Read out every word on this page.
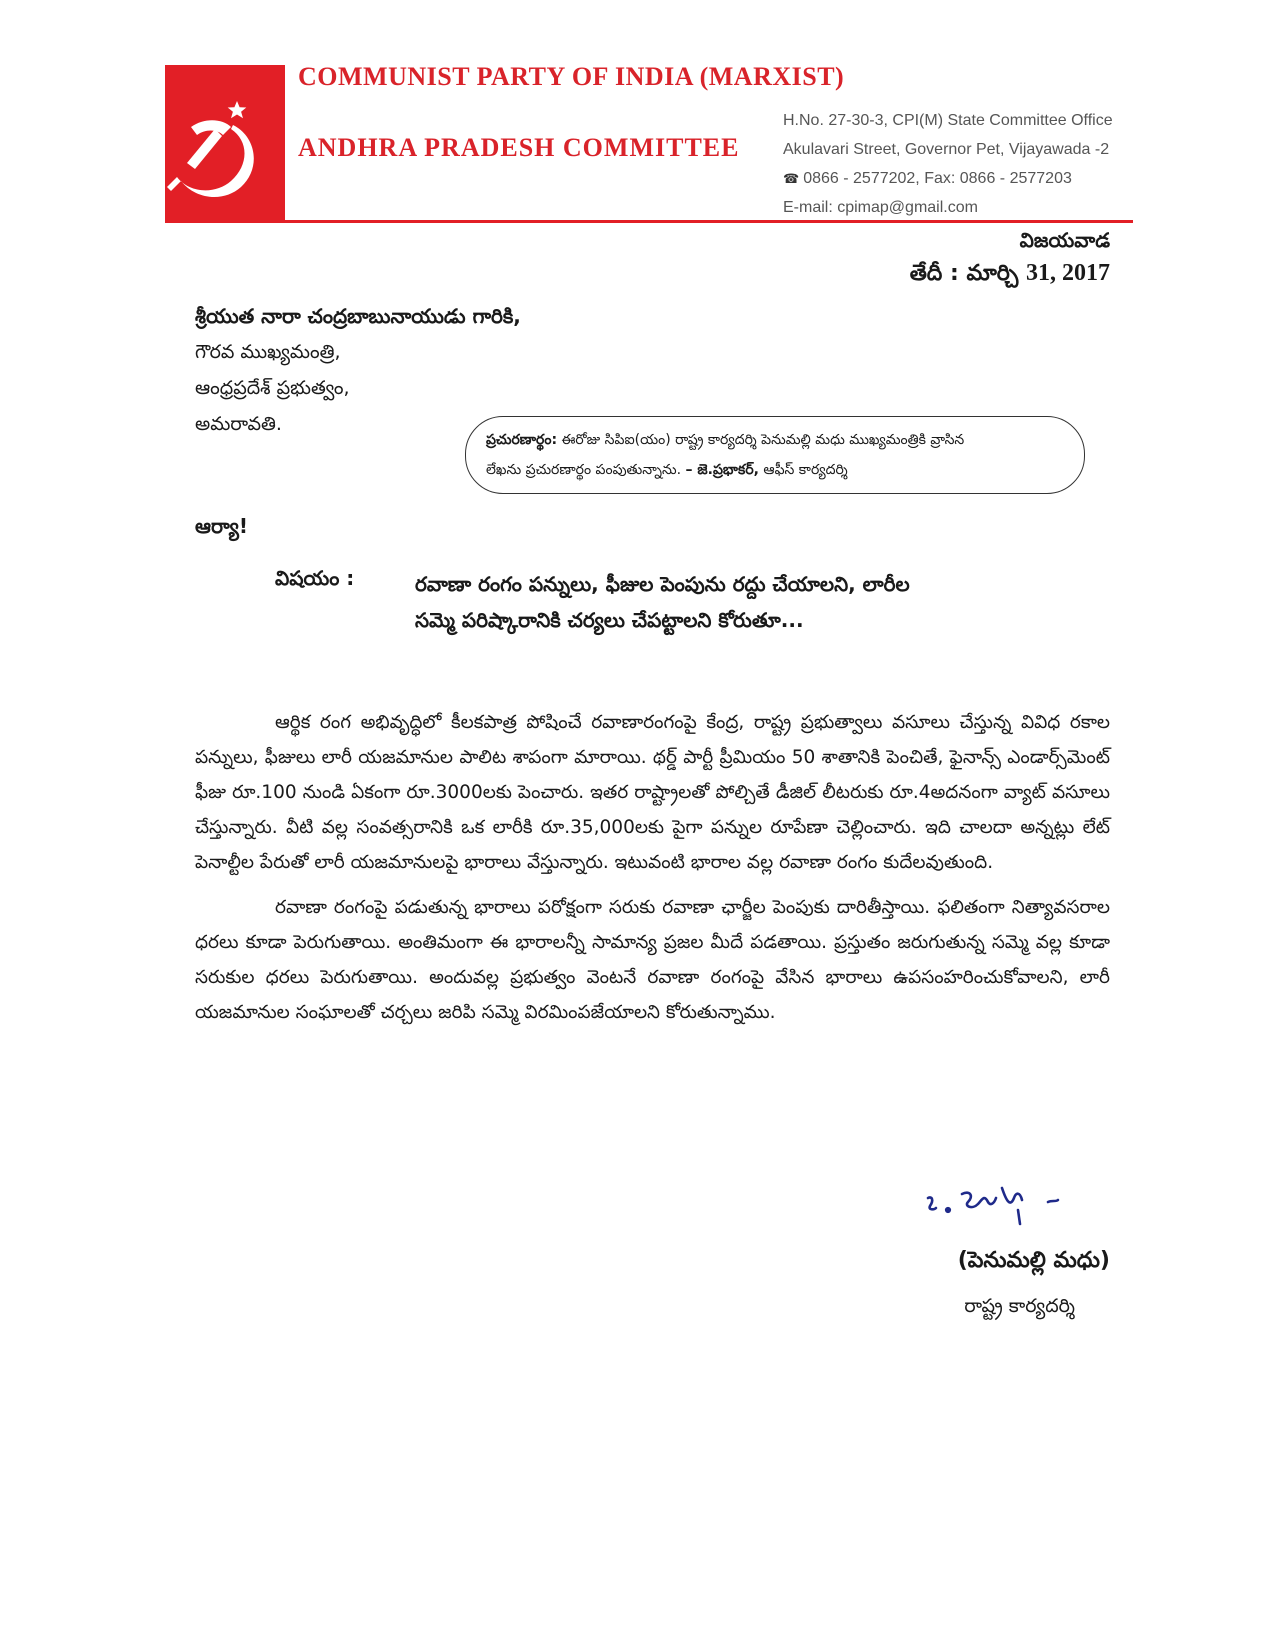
COMMUNIST PARTY OF INDIA (MARXIST)
ANDHRA PRADESH COMMITTEE
H.No. 27-30-3, CPI(M) State Committee Office
Akulavari Street, Governor Pet, Vijayawada -2
☎ 0866 - 2577202, Fax: 0866 - 2577203
E-mail: cpimap@gmail.com
విజయవాడ
తేదీ : మార్చి 31, 2017
శ్రీయుత నారా చంద్రబాబునాయుడు గారికి,
గౌరవ ముఖ్యమంత్రి,
ఆంధ్రప్రదేశ్ ప్రభుత్వం,
అమరావతి.
ప్రచురణార్థం: ఈరోజు సిపిఐ(యం) రాష్ట్ర కార్యదర్శి పెనుమల్లి మధు ముఖ్యమంత్రికి వ్రాసిన
లేఖను ప్రచురణార్థం పంపుతున్నాను. – జె.ప్రభాకర్, ఆఫీస్ కార్యదర్శి
ఆర్యా!
విషయం :	రవాణా రంగం పన్నులు, ఫీజుల పెంపును రద్దు చేయాలని, లారీల
సమ్మె పరిష్కారానికి చర్యలు చేపట్టాలని కోరుతూ...

ఆర్థిక రంగ అభివృద్ధిలో కీలకపాత్ర పోషించే రవాణారంగంపై కేంద్ర, రాష్ట్ర ప్రభుత్వాలు వసూలు చేస్తున్న వివిధ రకాల పన్నులు, ఫీజులు లారీ యజమానుల పాలిట శాపంగా మారాయి. థర్డ్ పార్టీ ప్రీమియం 50 శాతానికి పెంచితే, ఫైనాన్స్ ఎండార్స్‌మెంట్ ఫీజు రూ.100 నుండి ఏకంగా రూ.3000లకు పెంచారు. ఇతర రాష్ట్రాలతో పోల్చితే డీజిల్ లీటరుకు రూ.4అదనంగా వ్యాట్ వసూలు చేస్తున్నారు. వీటి వల్ల సంవత్సరానికి ఒక లారీకి రూ.35,000లకు పైగా పన్నుల రూపేణా చెల్లించారు. ఇది చాలదా అన్నట్లు లేట్ పెనాల్టీల పేరుతో లారీ యజమానులపై భారాలు వేస్తున్నారు. ఇటువంటి భారాల వల్ల రవాణా రంగం కుదేలవుతుంది.

రవాణా రంగంపై పడుతున్న భారాలు పరోక్షంగా సరుకు రవాణా ఛార్జీల పెంపుకు దారితీస్తాయి. ఫలితంగా నిత్యావసరాల ధరలు కూడా పెరుగుతాయి. అంతిమంగా ఈ భారాలన్నీ సామాన్య ప్రజల మీదే పడతాయి. ప్రస్తుతం జరుగుతున్న సమ్మె వల్ల కూడా సరుకుల ధరలు పెరుగుతాయి. అందువల్ల ప్రభుత్వం వెంటనే రవాణా రంగంపై వేసిన భారాలు ఉపసంహరించుకోవాలని, లారీ యజమానుల సంఘాలతో చర్చలు జరిపి సమ్మె విరమింపజేయాలని కోరుతున్నాము.

(పెనుమల్లి మధు)
రాష్ట్ర కార్యదర్శి
